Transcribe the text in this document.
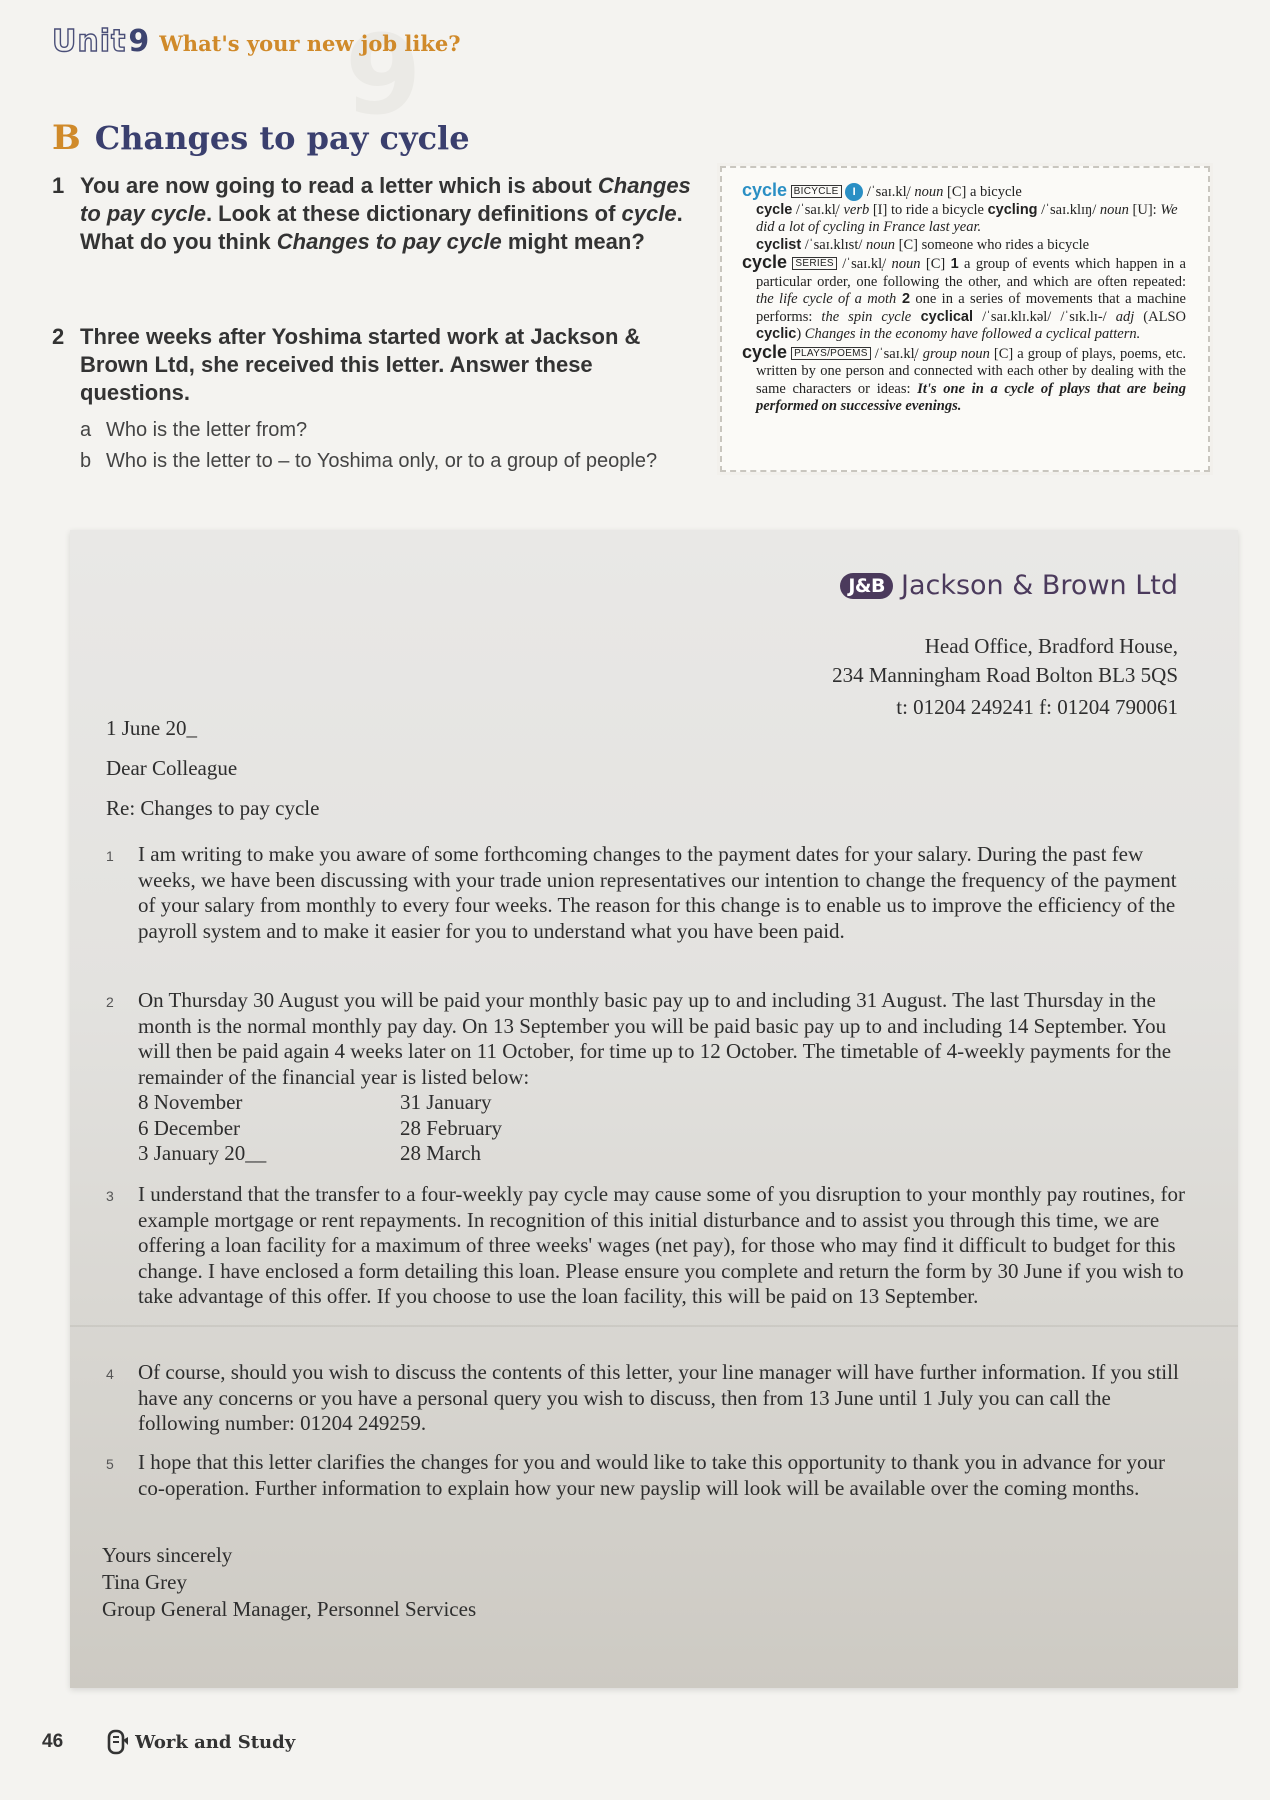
9
Unit 9 What's your new job like?
B Changes to pay cycle
1 You are now going to read a letter which is about Changes to pay cycle. Look at these dictionary definitions of cycle. What do you think Changes to pay cycle might mean?
2 Three weeks after Yoshima started work at Jackson & Brown Ltd, she received this letter. Answer these questions.
a Who is the letter from?
b Who is the letter to – to Yoshima only, or to a group of people?

cycle BICYCLE I /ˈsaɪ.kl̩/ noun [C] a bicycle

cycle /ˈsaɪ.kl̩/ verb [I] to ride a bicycle cycling /ˈsaɪ.klɪŋ/ noun [U]: We did a lot of cycling in France last year.

cyclist /ˈsaɪ.klɪst/ noun [C] someone who rides a bicycle

cycle SERIES /ˈsaɪ.kl̩/ noun [C] 1 a group of events which happen in a particular order, one following the other, and which are often repeated: the life cycle of a moth 2 one in a series of movements that a machine performs: the spin cycle cyclical /ˈsaɪ.klɪ.kəl/ /ˈsɪk.lɪ-/ adj (ALSO cyclic) Changes in the economy have followed a cyclical pattern.

cycle PLAYS/POEMS /ˈsaɪ.kl̩/ group noun [C] a group of plays, poems, etc. written by one person and connected with each other by dealing with the same characters or ideas: It's one in a cycle of plays that are being performed on successive evenings.

J&B Jackson & Brown Ltd
Head Office, Bradford House,
234 Manningham Road Bolton BL3 5QS
t: 01204 249241 f: 01204 790061
1 June 20_
Dear Colleague
Re: Changes to pay cycle
1 I am writing to make you aware of some forthcoming changes to the payment dates for your salary. During the past few weeks, we have been discussing with your trade union representatives our intention to change the frequency of the payment of your salary from monthly to every four weeks. The reason for this change is to enable us to improve the efficiency of the payroll system and to make it easier for you to understand what you have been paid.
2 On Thursday 30 August you will be paid your monthly basic pay up to and including 31 August. The last Thursday in the month is the normal monthly pay day. On 13 September you will be paid basic pay up to and including 14 September. You will then be paid again 4 weeks later on 11 October, for time up to 12 October. The timetable of 4-weekly payments for the remainder of the financial year is listed below:
8 November	31 January
6 December	28 February
3 January 20__	28 March
3 I understand that the transfer to a four-weekly pay cycle may cause some of you disruption to your monthly pay routines, for example mortgage or rent repayments. In recognition of this initial disturbance and to assist you through this time, we are offering a loan facility for a maximum of three weeks' wages (net pay), for those who may find it difficult to budget for this change. I have enclosed a form detailing this loan. Please ensure you complete and return the form by 30 June if you wish to take advantage of this offer. If you choose to use the loan facility, this will be paid on 13 September.
4 Of course, should you wish to discuss the contents of this letter, your line manager will have further information. If you still have any concerns or you have a personal query you wish to discuss, then from 13 June until 1 July you can call the following number: 01204 249259.
5 I hope that this letter clarifies the changes for you and would like to take this opportunity to thank you in advance for your co-operation. Further information to explain how your new payslip will look will be available over the coming months.
Yours sincerely
Tina Grey
Group General Manager, Personnel Services
46	Work and Study
